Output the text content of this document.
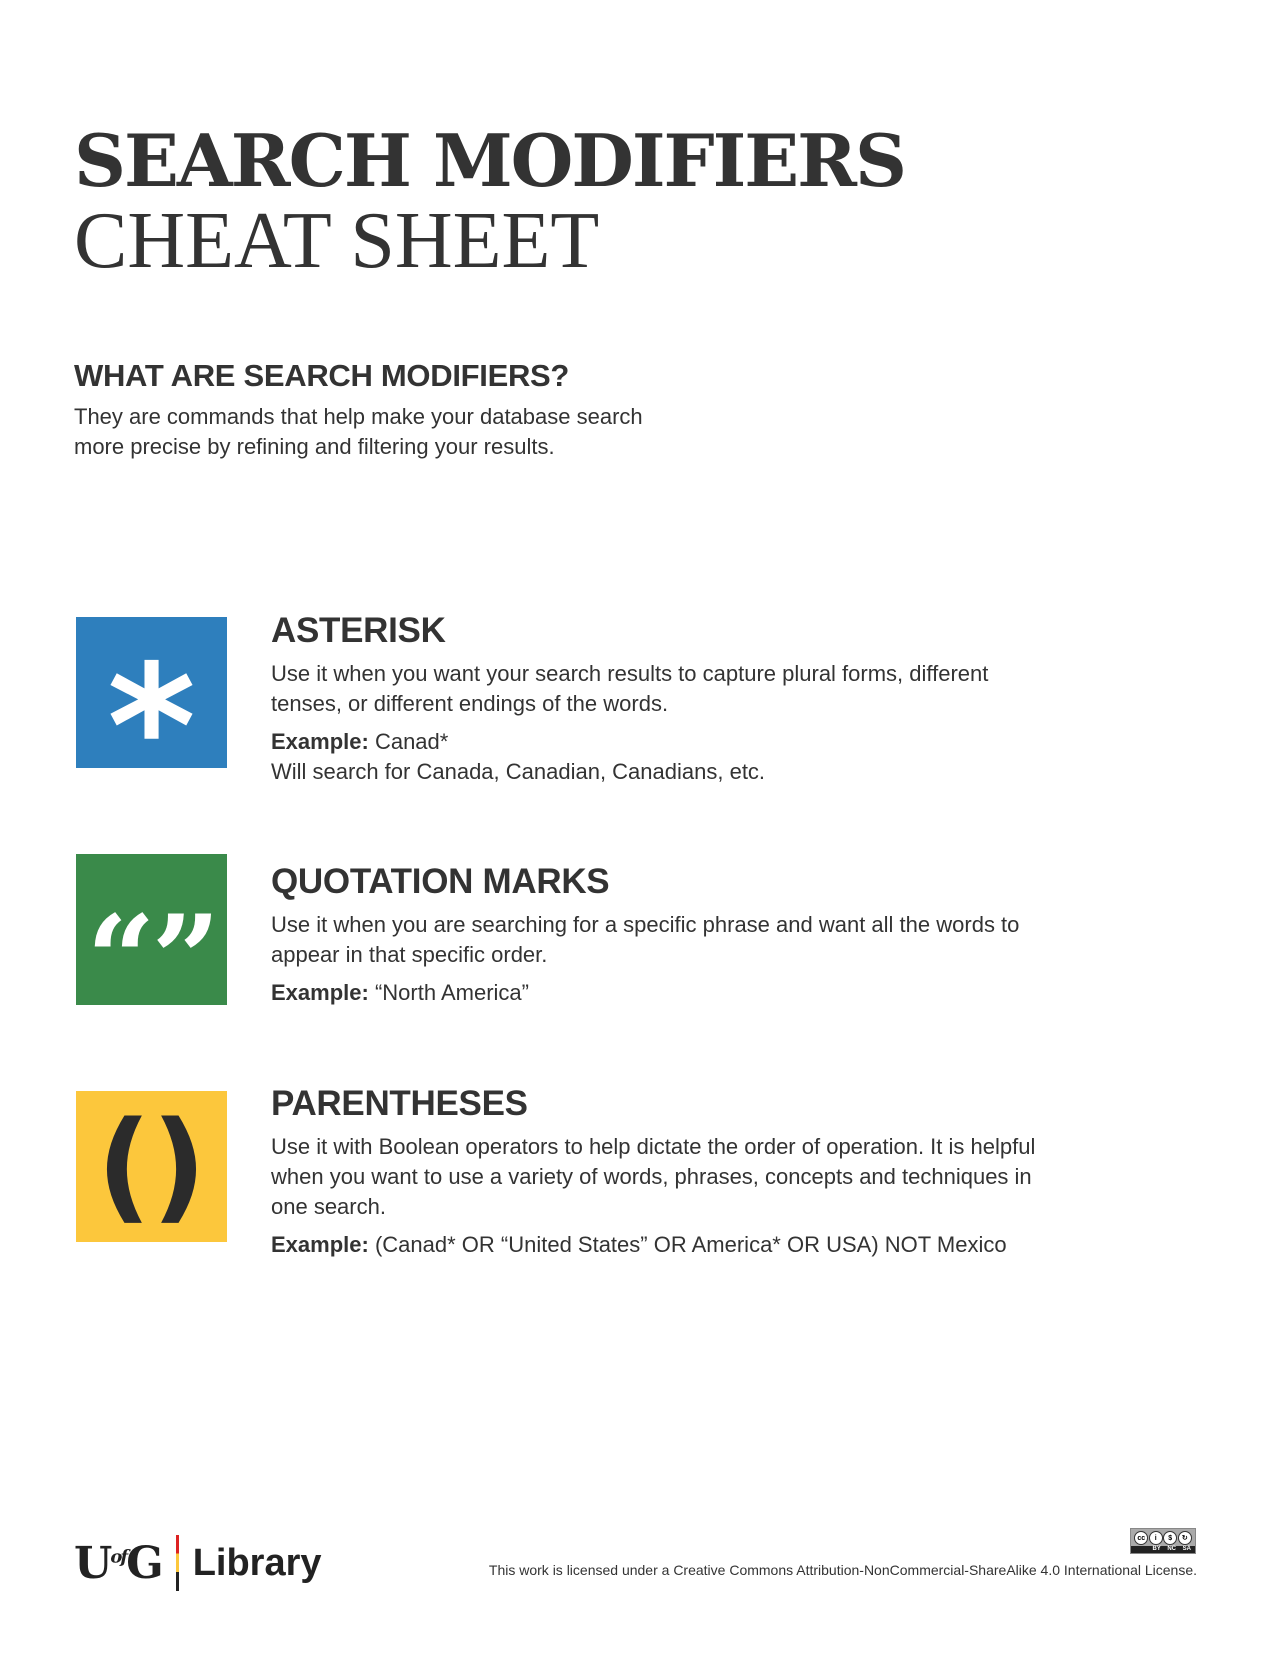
SEARCH MODIFIERS
CHEAT SHEET
WHAT ARE SEARCH MODIFIERS?
They are commands that help make your database search more precise by refining and filtering your results.
* ASTERISK
Use it when you want your search results to capture plural forms, different tenses, or different endings of the words.
Example: Canad*
Will search for Canada, Canadian, Canadians, etc.
“”
QUOTATION MARKS
Use it when you are searching for a specific phrase and want all the words to appear in that specific order.
Example: “North America”
() PARENTHESES
Use it with Boolean operators to help dictate the order of operation. It is helpful when you want to use a variety of words, phrases, concepts and techniques in one search.
Example: (Canad* OR “United States” OR America* OR USA) NOT Mexico
$U^{of}G$ Library
cc	i	$	↻
BY NC SA
This work is licensed under a Creative Commons Attribution-NonCommercial-ShareAlike 4.0 International License.
